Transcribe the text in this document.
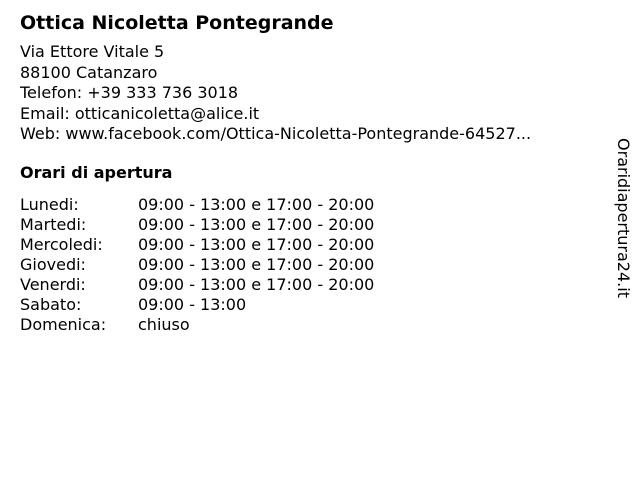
Ottica Nicoletta Pontegrande
Via Ettore Vitale 5
88100 Catanzaro
Telefon: +39 333 736 3018
Email: otticanicoletta@alice.it
Web: www.facebook.com/Ottica-Nicoletta-Pontegrande-64527...
Orari di apertura
Lunedi:	09:00 - 13:00 e 17:00 - 20:00
Martedi:	09:00 - 13:00 e 17:00 - 20:00
Mercoledi:	09:00 - 13:00 e 17:00 - 20:00
Giovedi:	09:00 - 13:00 e 17:00 - 20:00
Venerdi:	09:00 - 13:00 e 17:00 - 20:00
Sabato:	09:00 - 13:00
Domenica:	chiuso
Oraridiapertura24.it
